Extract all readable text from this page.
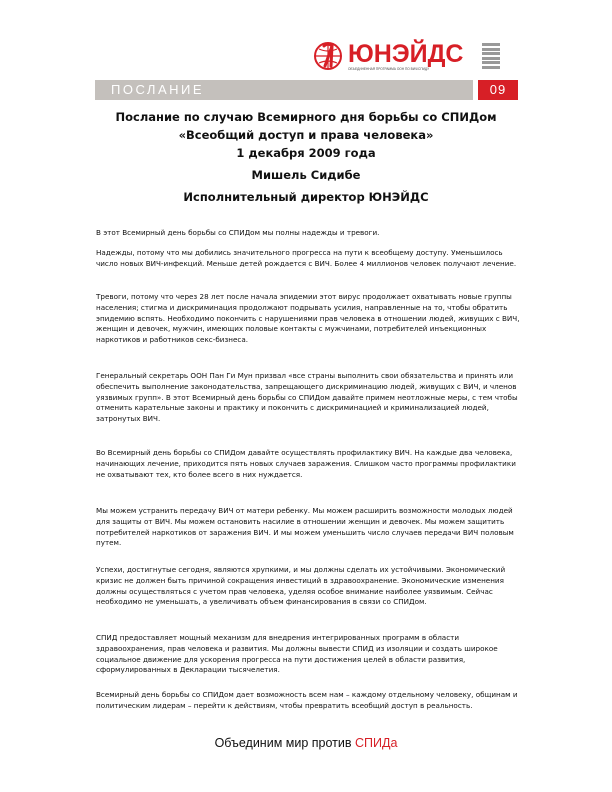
ЮНЭЙДС
ОБЪЕДИНЕННАЯ ПРОГРАММА ООН ПО ВИЧ/СПИДУ
ПОСЛАНИЕ	09
Послание по случаю Всемирного дня борьбы со СПИДом
«Всеобщий доступ и права человека»
1 декабря 2009 года
Мишель Сидибе
Исполнительный директор ЮНЭЙДС

В этот Всемирный день борьбы со СПИДом мы полны надежды и тревоги.

Надежды, потому что мы добились значительного прогресса на пути к всеобщему доступу. Уменьшилось число новых ВИЧ-инфекций. Меньше детей рождается с ВИЧ. Более 4 миллионов человек получают лечение.

Тревоги, потому что через 28 лет после начала эпидемии этот вирус продолжает охватывать новые группы населения; стигма и дискриминация продолжают подрывать усилия, направленные на то, чтобы обратить эпидемию вспять. Необходимо покончить с нарушениями прав человека в отношении людей, живущих с ВИЧ, женщин и девочек, мужчин, имеющих половые контакты с мужчинами, потребителей инъекционных наркотиков и работников секс-бизнеса.

Генеральный секретарь ООН Пан Ги Мун призвал «все страны выполнить свои обязательства и принять или обеспечить выполнение законодательства, запрещающего дискриминацию людей, живущих с ВИЧ, и членов уязвимых групп». В этот Всемирный день борьбы со СПИДом давайте примем неотложные меры, с тем чтобы отменить карательные законы и практику и покончить с дискриминацией и криминализацией людей, затронутых ВИЧ.

Во Всемирный день борьбы со СПИДом давайте осуществлять профилактику ВИЧ. На каждые два человека, начинающих лечение, приходится пять новых случаев заражения. Слишком часто программы профилактики не охватывают тех, кто более всего в них нуждается.

Мы можем устранить передачу ВИЧ от матери ребенку. Мы можем расширить возможности молодых людей для защиты от ВИЧ. Мы можем остановить насилие в отношении женщин и девочек. Мы можем защитить потребителей наркотиков от заражения ВИЧ. И мы можем уменьшить число случаев передачи ВИЧ половым путем.

Успехи, достигнутые сегодня, являются хрупкими, и мы должны сделать их устойчивыми. Экономический кризис не должен быть причиной сокращения инвестиций в здравоохранение. Экономические изменения должны осуществляться с учетом прав человека, уделяя особое внимание наиболее уязвимым. Сейчас необходимо не уменьшать, а увеличивать объем финансирования в связи со СПИДом.

СПИД предоставляет мощный механизм для внедрения интегрированных программ в области здравоохранения, прав человека и развития. Мы должны вывести СПИД из изоляции и создать широкое социальное движение для ускорения прогресса на пути достижения целей в области развития, сформулированных в Декларации тысячелетия.

Всемирный день борьбы со СПИДом дает возможность всем нам – каждому отдельному человеку, общинам и политическим лидерам – перейти к действиям, чтобы превратить всеобщий доступ в реальность.

Объединим мир против СПИДа
